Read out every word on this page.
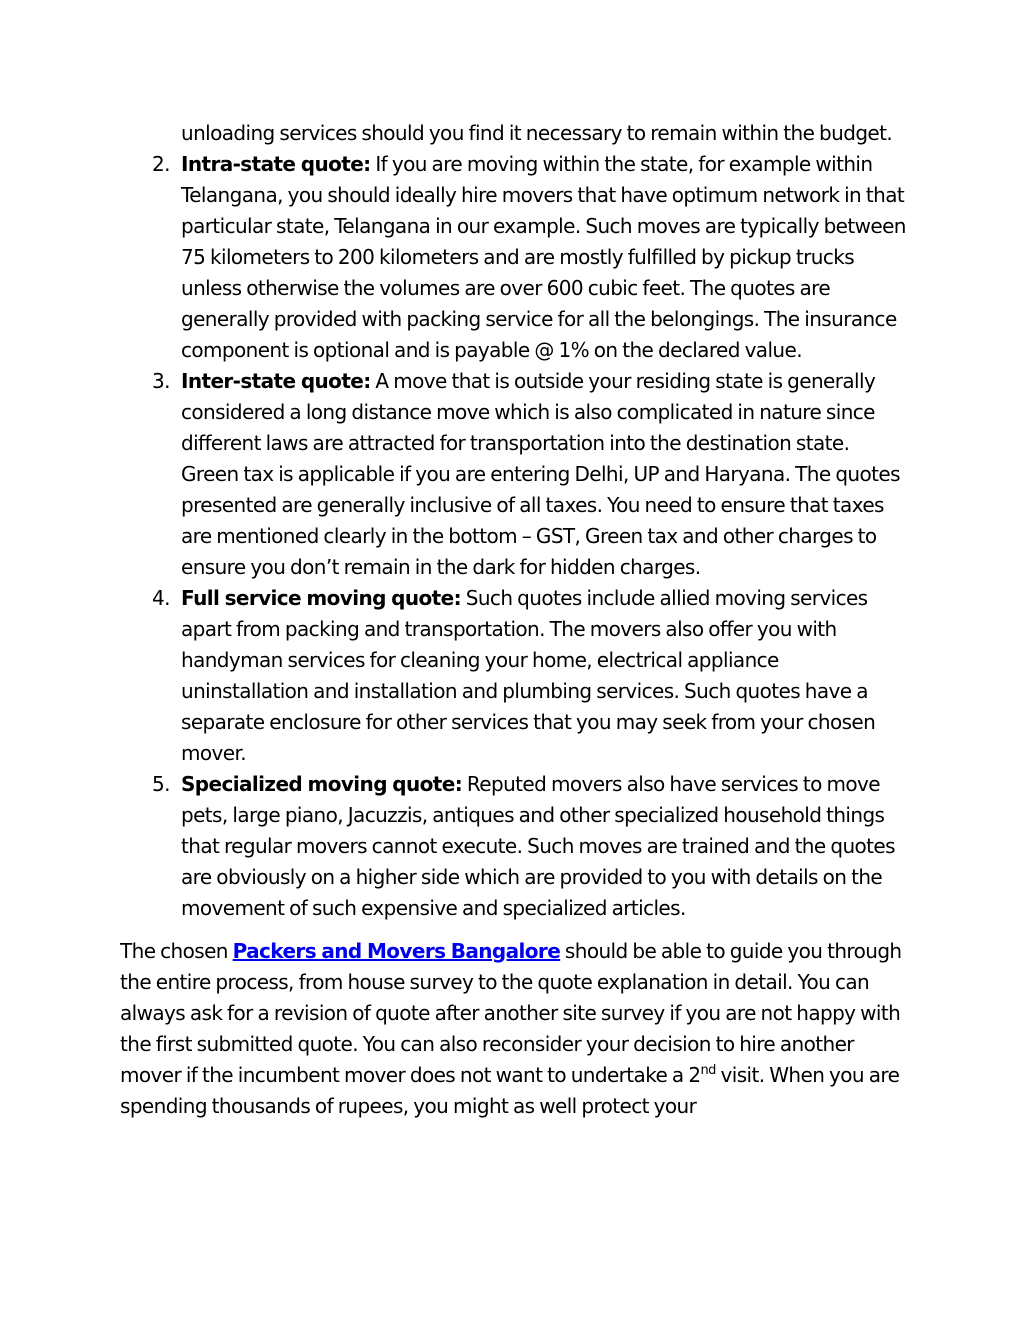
unloading services should you find it necessary to remain within the budget.

2. Intra-state quote: If you are moving within the state, for example within Telangana, you should ideally hire movers that have optimum network in that particular state, Telangana in our example. Such moves are typically between 75 kilometers to 200 kilometers and are mostly fulfilled by pickup trucks unless otherwise the volumes are over 600 cubic feet. The quotes are generally provided with packing service for all the belongings. The insurance component is optional and is payable @ 1% on the declared value.
3. Inter-state quote: A move that is outside your residing state is generally considered a long distance move which is also complicated in nature since different laws are attracted for transportation into the destination state. Green tax is applicable if you are entering Delhi, UP and Haryana. The quotes presented are generally inclusive of all taxes. You need to ensure that taxes are mentioned clearly in the bottom – GST, Green tax and other charges to ensure you don’t remain in the dark for hidden charges.
4. Full service moving quote: Such quotes include allied moving services apart from packing and transportation. The movers also offer you with handyman services for cleaning your home, electrical appliance uninstallation and installation and plumbing services. Such quotes have a separate enclosure for other services that you may seek from your chosen mover.
5. Specialized moving quote: Reputed movers also have services to move pets, large piano, Jacuzzis, antiques and other specialized household things that regular movers cannot execute. Such moves are trained and the quotes are obviously on a higher side which are provided to you with details on the movement of such expensive and specialized articles.

The chosen Packers and Movers Bangalore should be able to guide you through the entire process, from house survey to the quote explanation in detail. You can always ask for a revision of quote after another site survey if you are not happy with the first submitted quote. You can also reconsider your decision to hire another mover if the incumbent mover does not want to undertake a 2nd visit. When you are spending thousands of rupees, you might as well protect your
